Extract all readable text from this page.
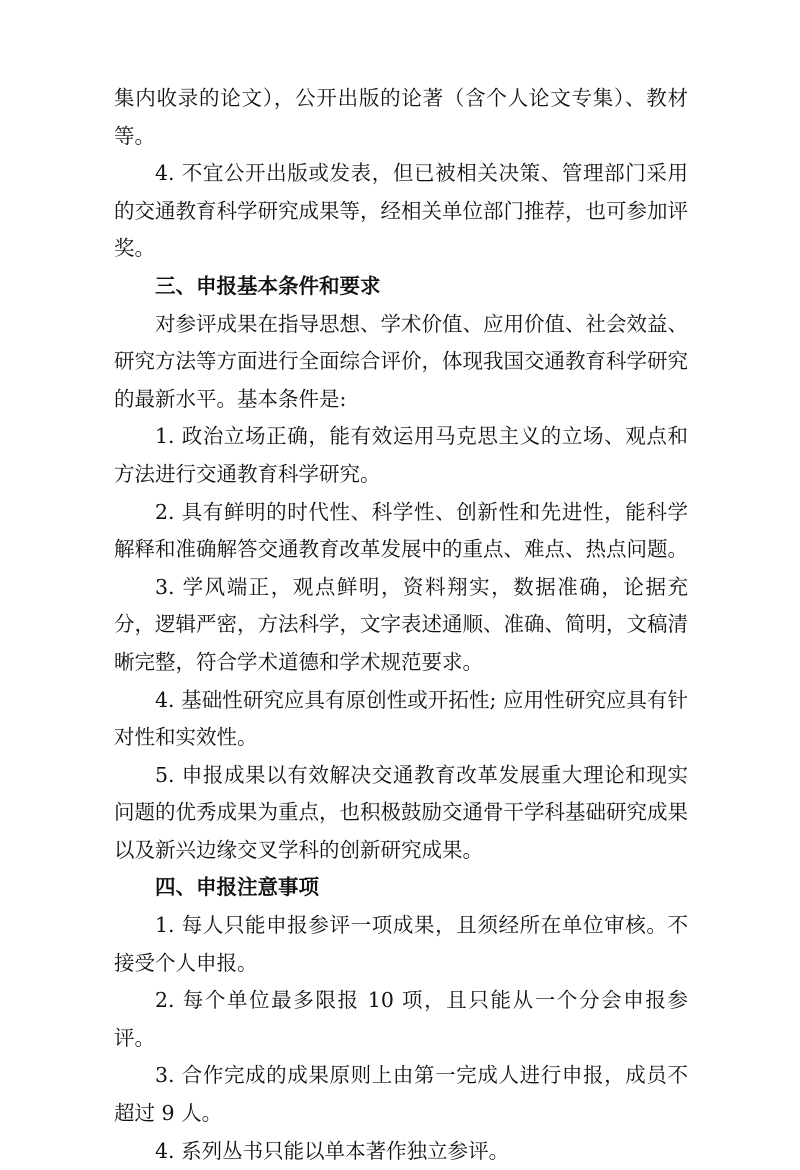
集内收录的论文），公开出版的论著（含个人论文专集）、教材等。

4. 不宜公开出版或发表，但已被相关决策、管理部门采用的交通教育科学研究成果等，经相关单位部门推荐，也可参加评奖。

三、申报基本条件和要求

对参评成果在指导思想、学术价值、应用价值、社会效益、研究方法等方面进行全面综合评价，体现我国交通教育科学研究的最新水平。基本条件是:

1. 政治立场正确，能有效运用马克思主义的立场、观点和方法进行交通教育科学研究。

2. 具有鲜明的时代性、科学性、创新性和先进性，能科学解释和准确解答交通教育改革发展中的重点、难点、热点问题。

3. 学风端正，观点鲜明，资料翔实，数据准确，论据充分，逻辑严密，方法科学，文字表述通顺、准确、简明，文稿清晰完整，符合学术道德和学术规范要求。

4. 基础性研究应具有原创性或开拓性; 应用性研究应具有针对性和实效性。

5. 申报成果以有效解决交通教育改革发展重大理论和现实问题的优秀成果为重点，也积极鼓励交通骨干学科基础研究成果以及新兴边缘交叉学科的创新研究成果。

四、申报注意事项

1. 每人只能申报参评一项成果，且须经所在单位审核。不接受个人申报。

2. 每个单位最多限报 10 项，且只能从一个分会申报参评。

3. 合作完成的成果原则上由第一完成人进行申报，成员不超过 9 人。

4. 系列丛书只能以单本著作独立参评。
